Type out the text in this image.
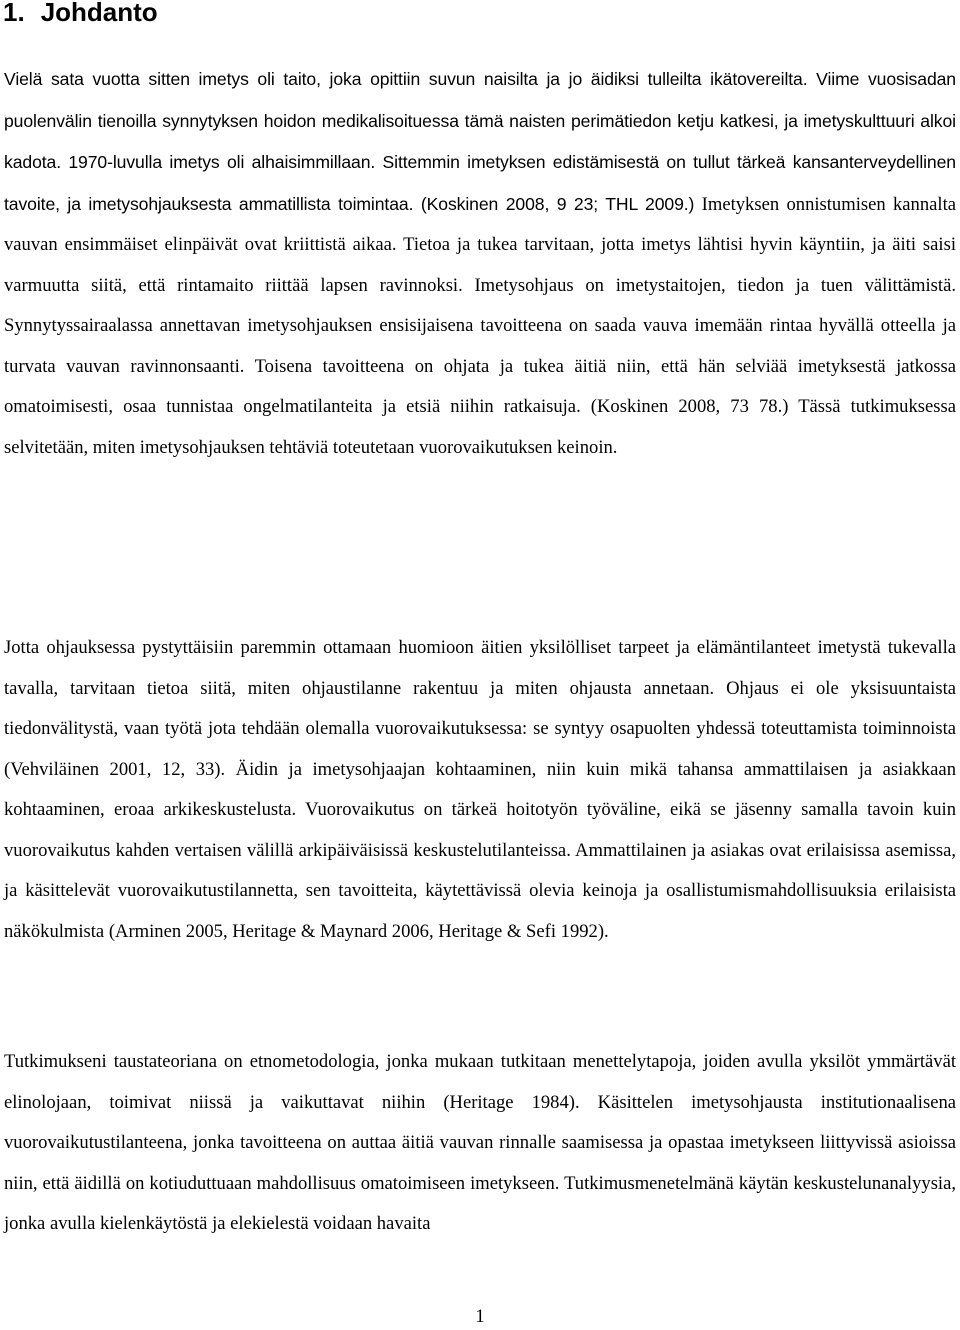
1. Johdanto

Vielä sata vuotta sitten imetys oli taito, joka opittiin suvun naisilta ja jo äidiksi tulleilta ikätovereilta. Viime vuosisadan puolenvälin tienoilla synnytyksen hoidon medikalisoituessa tämä naisten perimätiedon ketju katkesi, ja imetyskulttuuri alkoi kadota. 1970-luvulla imetys oli alhaisimmillaan. Sittemmin imetyksen edistämisestä on tullut tärkeä kansanterveydellinen tavoite, ja imetysohjauksesta ammatillista toimintaa. (Koskinen 2008, 9 23; THL 2009.) Imetyksen onnistumisen kannalta vauvan ensimmäiset elinpäivät ovat kriittistä aikaa. Tietoa ja tukea tarvitaan, jotta imetys lähtisi hyvin käyntiin, ja äiti saisi varmuutta siitä, että rintamaito riittää lapsen ravinnoksi. Imetysohjaus on imetystaitojen, tiedon ja tuen välittämistä. Synnytyssairaalassa annettavan imetysohjauksen ensisijaisena tavoitteena on saada vauva imemään rintaa hyvällä otteella ja turvata vauvan ravinnonsaanti. Toisena tavoitteena on ohjata ja tukea äitiä niin, että hän selviää imetyksestä jatkossa omatoimisesti, osaa tunnistaa ongelmatilanteita ja etsiä niihin ratkaisuja. (Koskinen 2008, 73 78.) Tässä tutkimuksessa selvitetään, miten imetysohjauksen tehtäviä toteutetaan vuorovaikutuksen keinoin.

Jotta ohjauksessa pystyttäisiin paremmin ottamaan huomioon äitien yksilölliset tarpeet ja elämäntilanteet imetystä tukevalla tavalla, tarvitaan tietoa siitä, miten ohjaustilanne rakentuu ja miten ohjausta annetaan. Ohjaus ei ole yksisuuntaista tiedonvälitystä, vaan työtä jota tehdään olemalla vuorovaikutuksessa: se syntyy osapuolten yhdessä toteuttamista toiminnoista (Vehviläinen 2001, 12, 33). Äidin ja imetysohjaajan kohtaaminen, niin kuin mikä tahansa ammattilaisen ja asiakkaan kohtaaminen, eroaa arkikeskustelusta. Vuorovaikutus on tärkeä hoitotyön työväline, eikä se jäsenny samalla tavoin kuin vuorovaikutus kahden vertaisen välillä arkipäiväisissä keskustelutilanteissa. Ammattilainen ja asiakas ovat erilaisissa asemissa, ja käsittelevät vuorovaikutustilannetta, sen tavoitteita, käytettävissä olevia keinoja ja osallistumismahdollisuuksia erilaisista näkökulmista (Arminen 2005, Heritage & Maynard 2006, Heritage & Sefi 1992).

Tutkimukseni taustateoriana on etnometodologia, jonka mukaan tutkitaan menettelytapoja, joiden avulla yksilöt ymmärtävät elinolojaan, toimivat niissä ja vaikuttavat niihin (Heritage 1984). Käsittelen imetysohjausta institutionaalisena vuorovaikutustilanteena, jonka tavoitteena on auttaa äitiä vauvan rinnalle saamisessa ja opastaa imetykseen liittyvissä asioissa niin, että äidillä on kotiuduttuaan mahdollisuus omatoimiseen imetykseen. Tutkimusmenetelmänä käytän keskustelunanalyysia, jonka avulla kielenkäytöstä ja elekielestä voidaan havaita

1
